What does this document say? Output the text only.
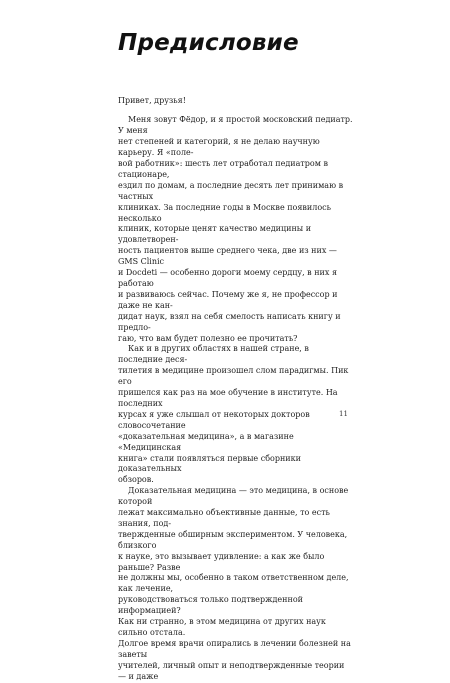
Предисловие

Привет, друзья!

Меня зовут Фёдор, и я простой московский педиатр. У меня
нет степеней и категорий, я не делаю научную карьеру. Я «поле-
вой работник»: шесть лет отработал педиатром в стационаре,
ездил по домам, а последние десять лет принимаю в частных
клиниках. За последние годы в Москве появилось несколько
клиник, которые ценят качество медицины и удовлетворен-
ность пациентов выше среднего чека, две из них — GMS Clinic
и Docdeti — особенно дороги моему сердцу, в них я работаю
и развиваюсь сейчас. Почему же я, не профессор и даже не кан-
дидат наук, взял на себя смелость написать книгу и предло-
гаю, что вам будет полезно ее прочитать?

Как и в других областях в нашей стране, в последние деся-
тилетия в медицине произошел слом парадигмы. Пик его
пришелся как раз на мое обучение в институте. На последних
курсах я уже слышал от некоторых докторов словосочетание
«доказательная медицина», а в магазине «Медицинская
книга» стали появляться первые сборники доказательных
обзоров.

Доказательная медицина — это медицина, в основе которой
лежат максимально объективные данные, то есть знания, под-
твержденные обширным экспериментом. У человека, близкого
к науке, это вызывает удивление: а как же было раньше? Разве
не должны мы, особенно в таком ответственном деле, как лечение,
руководствоваться только подтвержденной информацией?
Как ни странно, в этом медицина от других наук сильно отстала.
Долгое время врачи опирались в лечении болезней на заветы
учителей, личный опыт и неподтвержденные теории — и даже

11
